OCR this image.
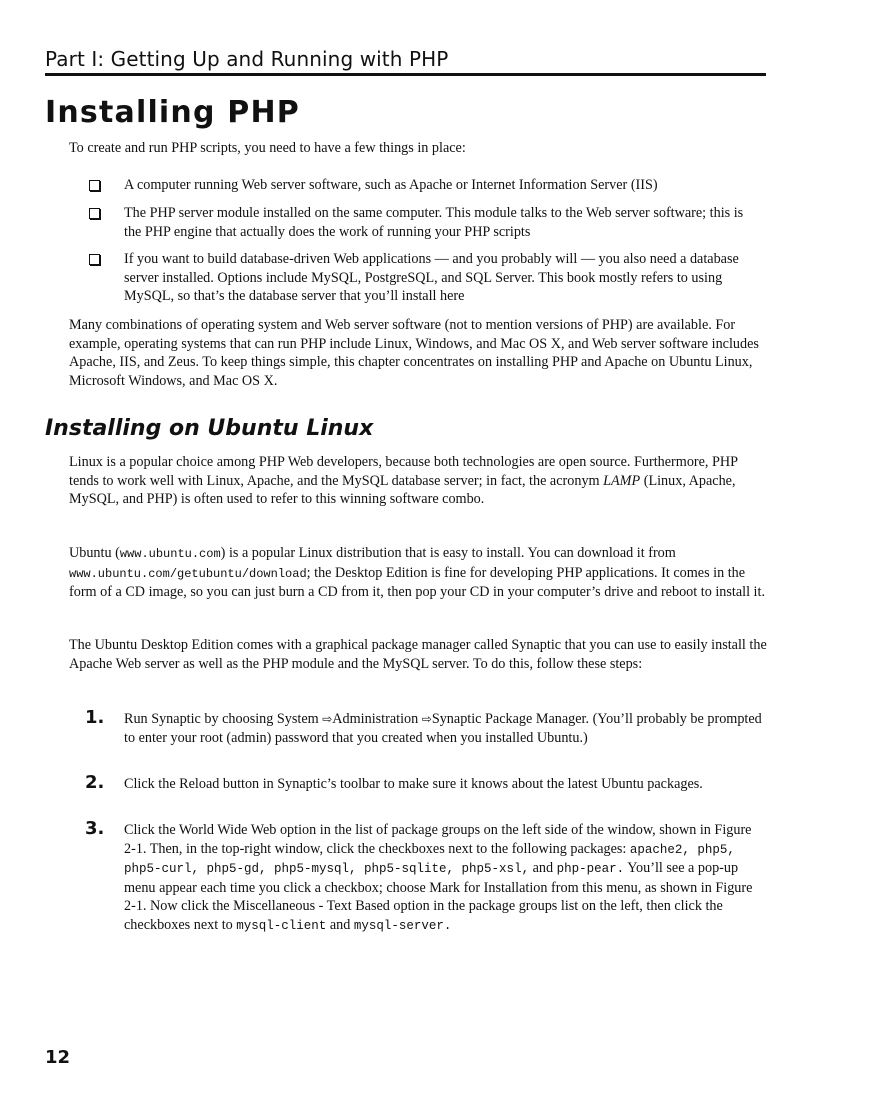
Part I: Getting Up and Running with PHP
Installing PHP
To create and run PHP scripts, you need to have a few things in place:
A computer running Web server software, such as Apache or Internet Information Server (IIS)
The PHP server module installed on the same computer. This module talks to the Web server software; this is the PHP engine that actually does the work of running your PHP scripts
If you want to build database-driven Web applications — and you probably will — you also need a database server installed. Options include MySQL, PostgreSQL, and SQL Server. This book mostly refers to using MySQL, so that’s the database server that you’ll install here
Many combinations of operating system and Web server software (not to mention versions of PHP) are available. For example, operating systems that can run PHP include Linux, Windows, and Mac OS X, and Web server software includes Apache, IIS, and Zeus. To keep things simple, this chapter concentrates on installing PHP and Apache on Ubuntu Linux, Microsoft Windows, and Mac OS X.
Installing on Ubuntu Linux
Linux is a popular choice among PHP Web developers, because both technologies are open source. Furthermore, PHP tends to work well with Linux, Apache, and the MySQL database server; in fact, the acronym LAMP (Linux, Apache, MySQL, and PHP) is often used to refer to this winning software combo.
Ubuntu (www.ubuntu.com) is a popular Linux distribution that is easy to install. You can download it from www.ubuntu.com/getubuntu/download; the Desktop Edition is fine for developing PHP applications. It comes in the form of a CD image, so you can just burn a CD from it, then pop your CD in your computer’s drive and reboot to install it.
The Ubuntu Desktop Edition comes with a graphical package manager called Synaptic that you can use to easily install the Apache Web server as well as the PHP module and the MySQL server. To do this, follow these steps:
1. Run Synaptic by choosing System ⇨Administration ⇨Synaptic Package Manager. (You’ll probably be prompted to enter your root (admin) password that you created when you installed Ubuntu.)
2. Click the Reload button in Synaptic’s toolbar to make sure it knows about the latest Ubuntu packages.
3. Click the World Wide Web option in the list of package groups on the left side of the window, shown in Figure 2-1. Then, in the top-right window, click the checkboxes next to the following packages: apache2, php5, php5-curl, php5-gd, php5-mysql, php5-sqlite, php5-xsl, and php-pear. You’ll see a pop-up menu appear each time you click a checkbox; choose Mark for Installation from this menu, as shown in Figure 2-1. Now click the Miscellaneous - Text Based option in the package groups list on the left, then click the checkboxes next to mysql-client and mysql-server.
12
